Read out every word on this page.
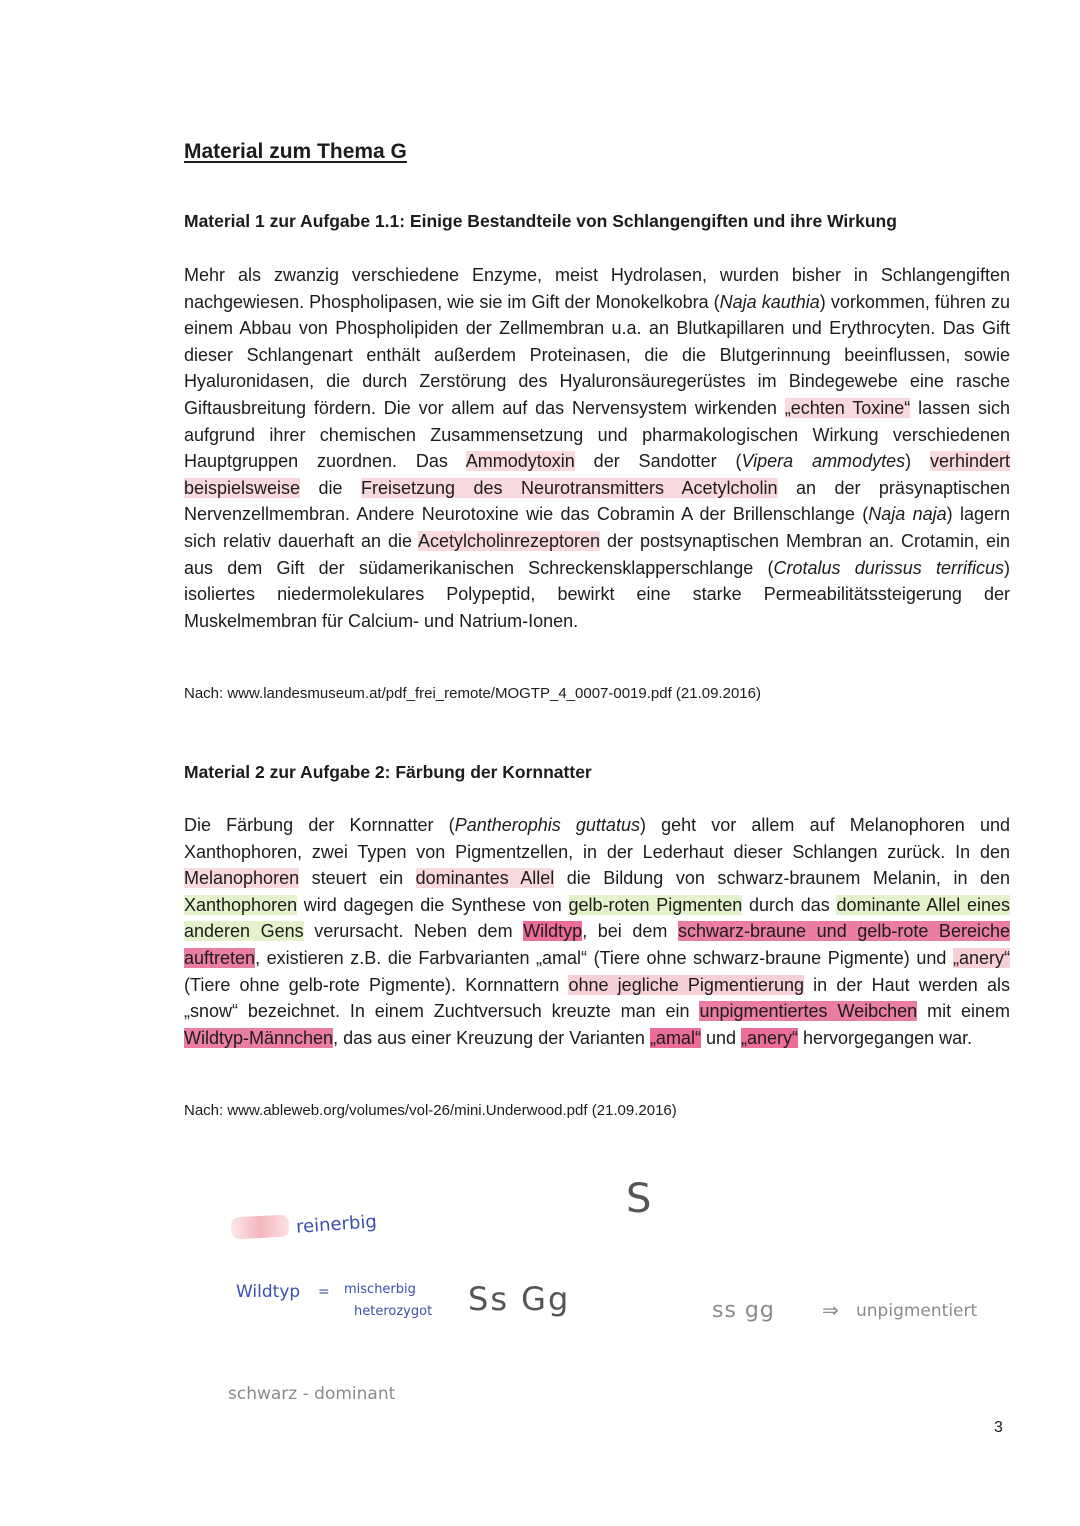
Material zum Thema G
Material 1 zur Aufgabe 1.1: Einige Bestandteile von Schlangengiften und ihre Wirkung

Mehr als zwanzig verschiedene Enzyme, meist Hydrolasen, wurden bisher in Schlangengiften nachgewiesen. Phospholipasen, wie sie im Gift der Monokelkobra (Naja kauthia) vorkommen, führen zu einem Abbau von Phospholipiden der Zellmembran u.a. an Blutkapillaren und Erythrocyten. Das Gift dieser Schlangenart enthält außerdem Proteinasen, die die Blutgerinnung beeinflussen, sowie Hyaluronidasen, die durch Zerstörung des Hyaluronsäuregerüstes im Bindegewebe eine rasche Giftausbreitung fördern. Die vor allem auf das Nervensystem wirkenden „echten Toxine“ lassen sich aufgrund ihrer chemischen Zusammensetzung und pharmakologischen Wirkung verschiedenen Hauptgruppen zuordnen. Das Ammodytoxin der Sandotter (Vipera ammodytes) verhindert beispielsweise die Freisetzung des Neurotransmitters Acetylcholin an der präsynaptischen Nervenzellmembran. Andere Neurotoxine wie das Cobramin A der Brillenschlange (Naja naja) lagern sich relativ dauerhaft an die Acetylcholinrezeptoren der postsynaptischen Membran an. Crotamin, ein aus dem Gift der südamerikanischen Schreckensklapperschlange (Crotalus durissus terrificus) isoliertes niedermolekulares Polypeptid, bewirkt eine starke Permeabilitätssteigerung der Muskelmembran für Calcium- und Natrium-Ionen.

Nach: www.landesmuseum.at/pdf_frei_remote/MOGTP_4_0007-0019.pdf (21.09.2016)
Material 2 zur Aufgabe 2: Färbung der Kornnatter

Die Färbung der Kornnatter (Pantherophis guttatus) geht vor allem auf Melanophoren und Xanthophoren, zwei Typen von Pigmentzellen, in der Lederhaut dieser Schlangen zurück. In den Melanophoren steuert ein dominantes Allel die Bildung von schwarz-braunem Melanin, in den Xanthophoren wird dagegen die Synthese von gelb-roten Pigmenten durch das dominante Allel eines anderen Gens verursacht. Neben dem Wildtyp, bei dem schwarz-braune und gelb-rote Bereiche auftreten, existieren z.B. die Farbvarianten „amal“ (Tiere ohne schwarz-braune Pigmente) und „anery“ (Tiere ohne gelb-rote Pigmente). Kornnattern ohne jegliche Pigmentierung in der Haut werden als „snow“ bezeichnet. In einem Zuchtversuch kreuzte man ein unpigmentiertes Weibchen mit einem Wildtyp-Männchen, das aus einer Kreuzung der Varianten „amal“ und „anery“ hervorgegangen war.

Nach: www.ableweb.org/volumes/vol-26/mini.Underwood.pdf (21.09.2016)
reinerbig
S
Wildtyp = mischerbig
heterozygot Ss Gg	ss gg ⇒ unpigmentiert
schwarz - dominant
3
